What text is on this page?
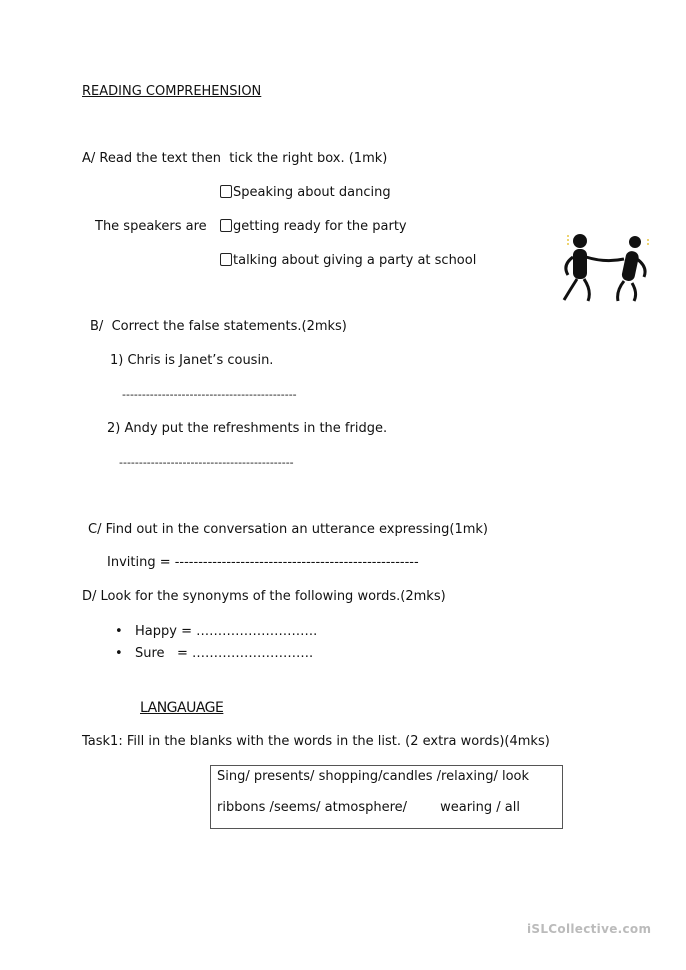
READING COMPREHENSION
A/ Read the text then  tick the right box. (1mk)
Speaking about dancing
The speakers are	getting ready for the party
talking about giving a party at school
B/  Correct the false statements.(2mks)
1) Chris is Janet’s cousin.
--------------------------------------------
2) Andy put the refreshments in the fridge.
--------------------------------------------
C/ Find out in the conversation an utterance expressing(1mk)
Inviting = ----------------------------------------------------
D/ Look for the synonyms of the following words.(2mks)
• Happy = ……………………….
• Sure   = ……………………….
LANGAUAGE
Task1: Fill in the blanks with the words in the list. (2 extra words)(4mks)
Sing/ presents/ shopping/candles /relaxing/ look
ribbons /seems/ atmosphere/        wearing / all
iSLCollective.com
